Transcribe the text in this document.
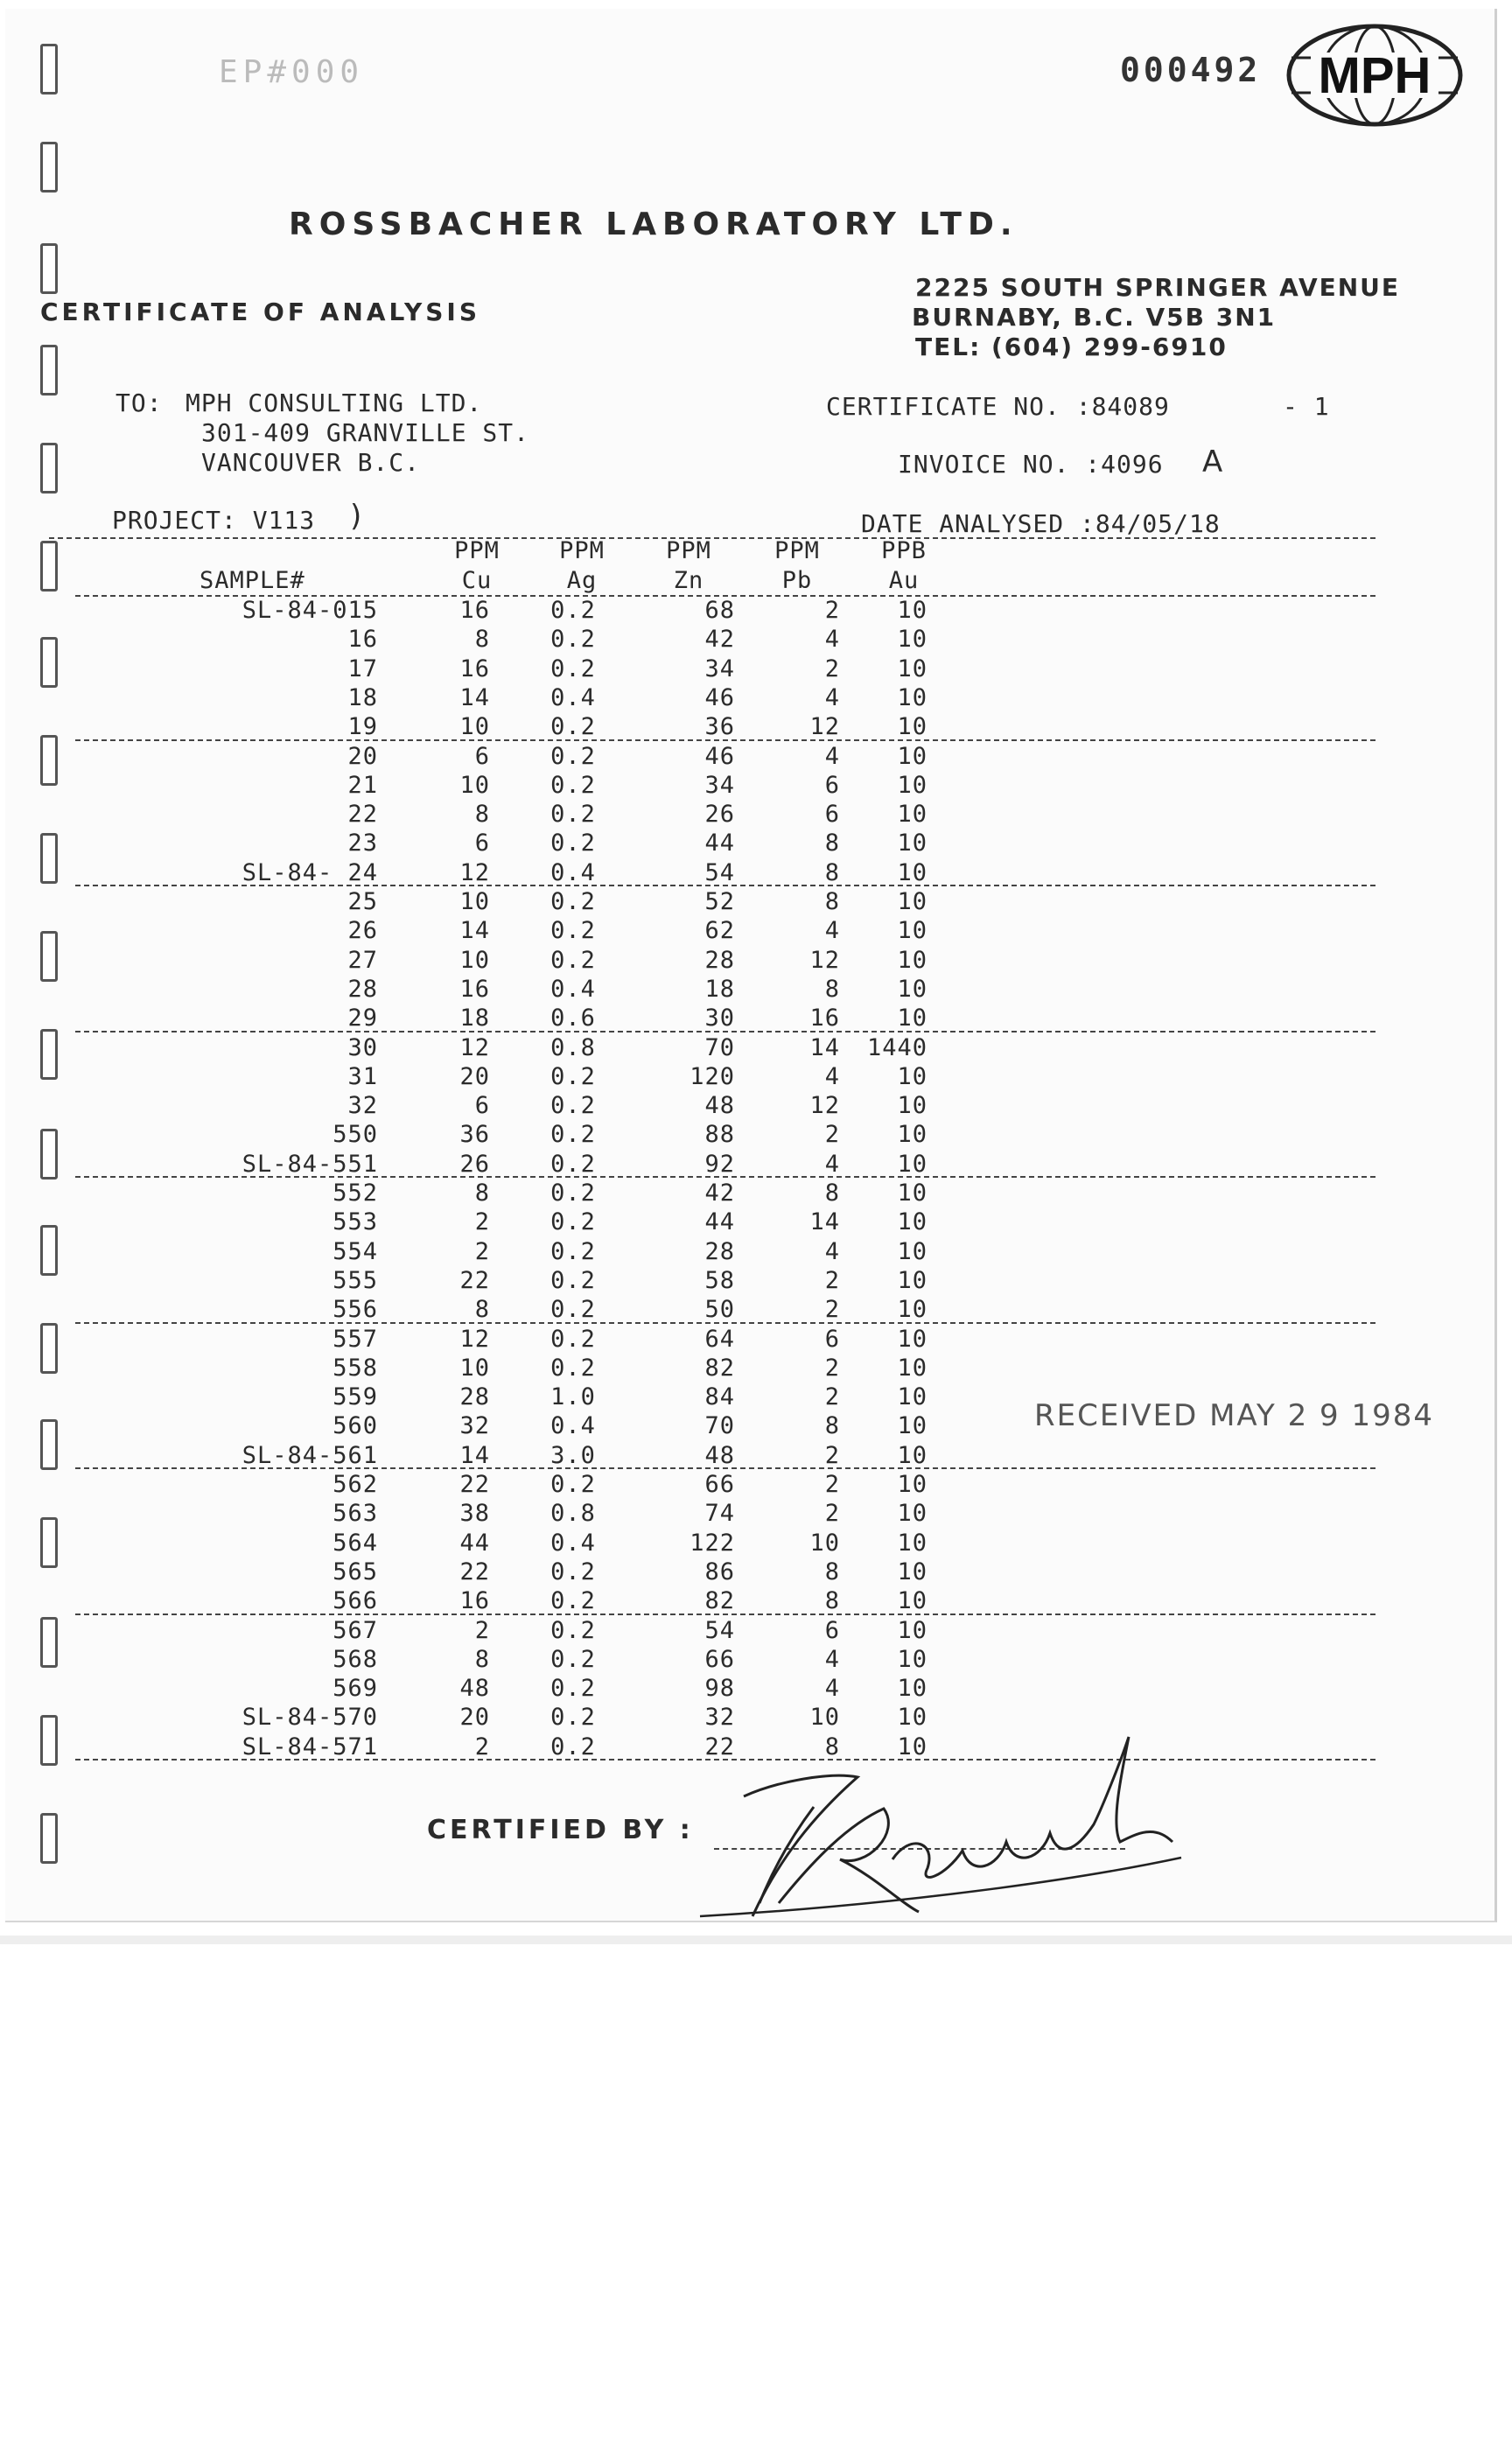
EP#000	000492 MPH
ROSSBACHER LABORATORY LTD.
CERTIFICATE OF ANALYSIS
2225 SOUTH SPRINGER AVENUE
BURNABY, B.C. V5B 3N1
TEL: (604) 299-6910
TO: MPH CONSULTING LTD.
301-409 GRANVILLE ST.
VANCOUVER B.C.
CERTIFICATE NO. :84089	- 1
INVOICE NO. :4096 A
PROJECT: V113 )	DATE ANALYSED :84/05/18
PPM	PPM	PPM	PPM	PPB
SAMPLE#	Cu	Ag	Zn	Pb	Au
SL-84-015	16	0.2	68	2	10
16	8	0.2	42	4	10
17	16	0.2	34	2	10
18	14	0.4	46	4	10
19	10	0.2	36	12	10
20	6	0.2	46	4	10
21	10	0.2	34	6	10
22	8	0.2	26	6	10
23	6	0.2	44	8	10
SL-84- 24	12	0.4	54	8	10
25	10	0.2	52	8	10
26	14	0.2	62	4	10
27	10	0.2	28	12	10
28	16	0.4	18	8	10
29	18	0.6	30	16	10
30	12	0.8	70	14	1440
31	20	0.2	120	4	10
32	6	0.2	48	12	10
550	36	0.2	88	2	10
SL-84-551	26	0.2	92	4	10
552	8	0.2	42	8	10
553	2	0.2	44	14	10
554	2	0.2	28	4	10
555	22	0.2	58	2	10
556	8	0.2	50	2	10
557	12	0.2	64	6	10
558	10	0.2	82	2	10
559	28	1.0	84	2	10
560	32	0.4	70	8	10
SL-84-561	14	3.0	48	2	10
562	22	0.2	66	2	10
563	38	0.8	74	2	10
564	44	0.4	122	10	10
565	22	0.2	86	8	10
566	16	0.2	82	8	10
567	2	0.2	54	6	10
568	8	0.2	66	4	10
569	48	0.2	98	4	10
SL-84-570	20	0.2	32	10	10
SL-84-571	2	0.2	22	8	10
RECEIVED MAY 2 9 1984
CERTIFIED BY :
